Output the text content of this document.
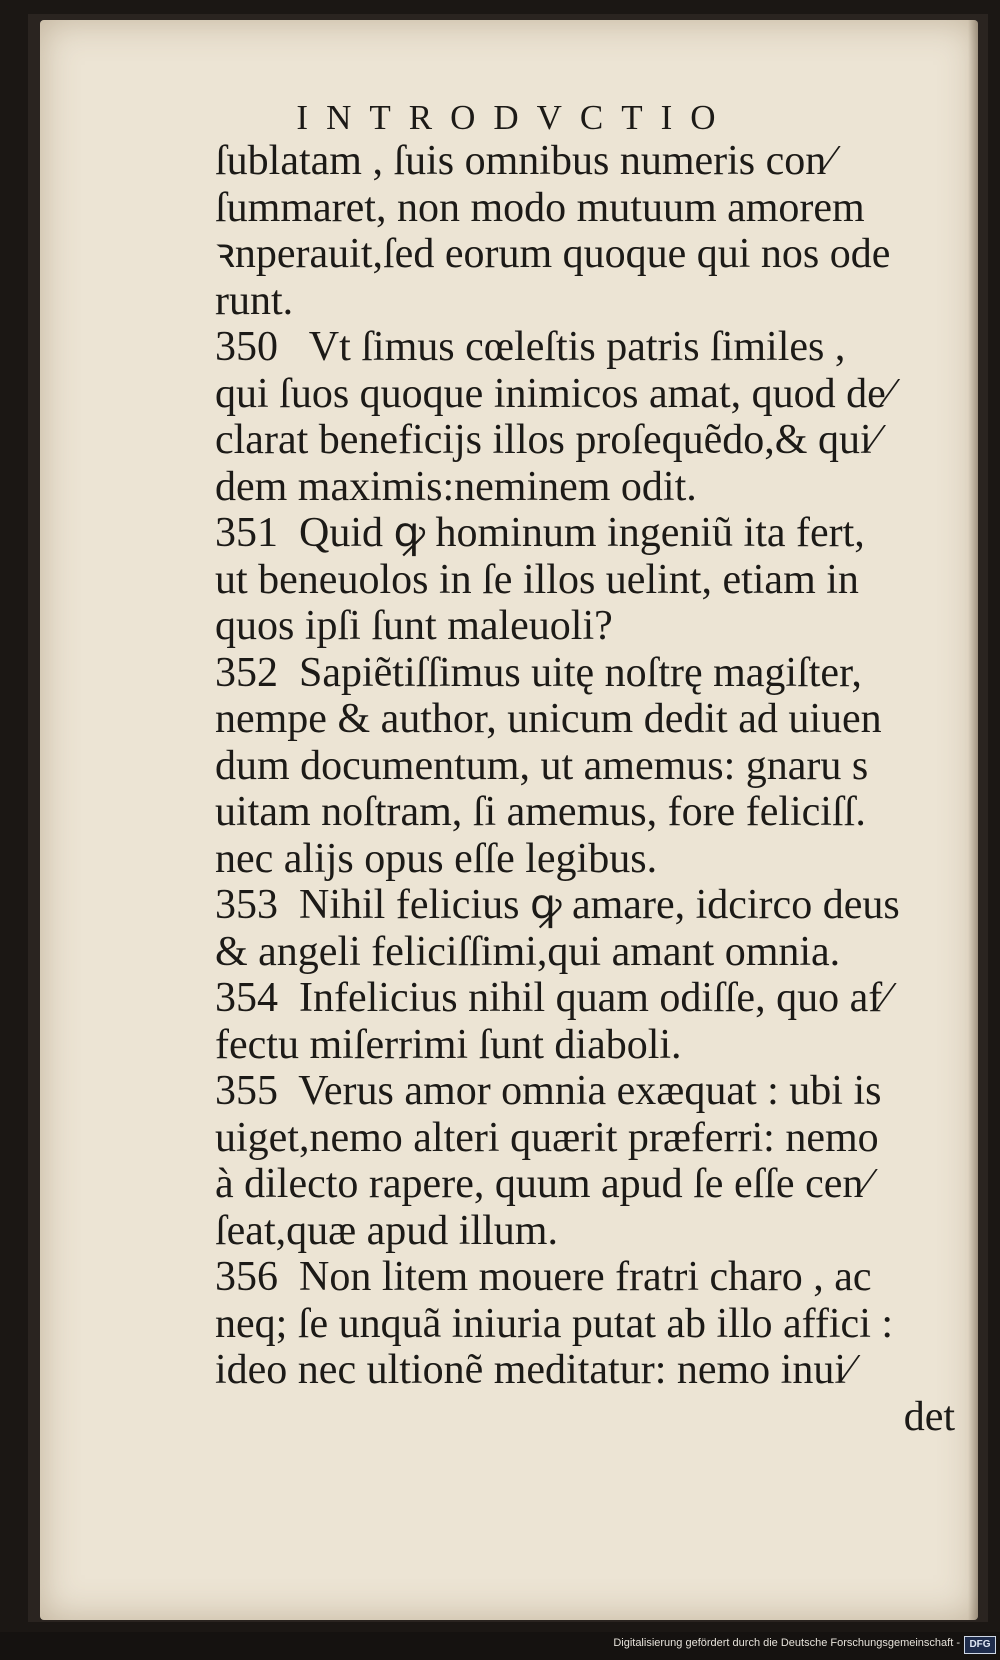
INTRODVCTIO
ſublatam , ſuis omnibus numeris con⁄
ſummaret, non modo mutuum amorem
ꝛnperauit,ſed eorum quoque qui nos ode
runt.
350   Vt ſimus cœleſtis patris ſimiles ,
qui ſuos quoque inimicos amat, quod de⁄
clarat beneficijs illos proſequẽdo,& qui⁄
dem maximis:neminem odit.
351  Quid ꝙ hominum ingeniũ ita fert,
ut beneuolos in ſe illos uelint, etiam in
quos ipſi ſunt maleuoli?
352  Sapiẽtiſſimus uitę noſtrę magiſter,
nempe & author, unicum dedit ad uiuen
dum documentum, ut amemus: gnaru s
uitam noſtram, ſi amemus, fore feliciſſ.
nec alijs opus eſſe legibus.
353  Nihil felicius ꝙ amare, idcirco deus
& angeli feliciſſimi,qui amant omnia.
354  Infelicius nihil quam odiſſe, quo af⁄
fectu miſerrimi ſunt diaboli.
355  Verus amor omnia exæquat : ubi is
uiget,nemo alteri quærit præferri: nemo
à dilecto rapere, quum apud ſe eſſe cen⁄
ſeat,quæ apud illum.
356  Non litem mouere fratri charo , ac
neq; ſe unquã iniuria putat ab illo affici :
ideo nec ultionẽ meditatur: nemo inui⁄
det
Digitalisierung gefördert durch die Deutsche Forschungsgemeinschaft - DFG
